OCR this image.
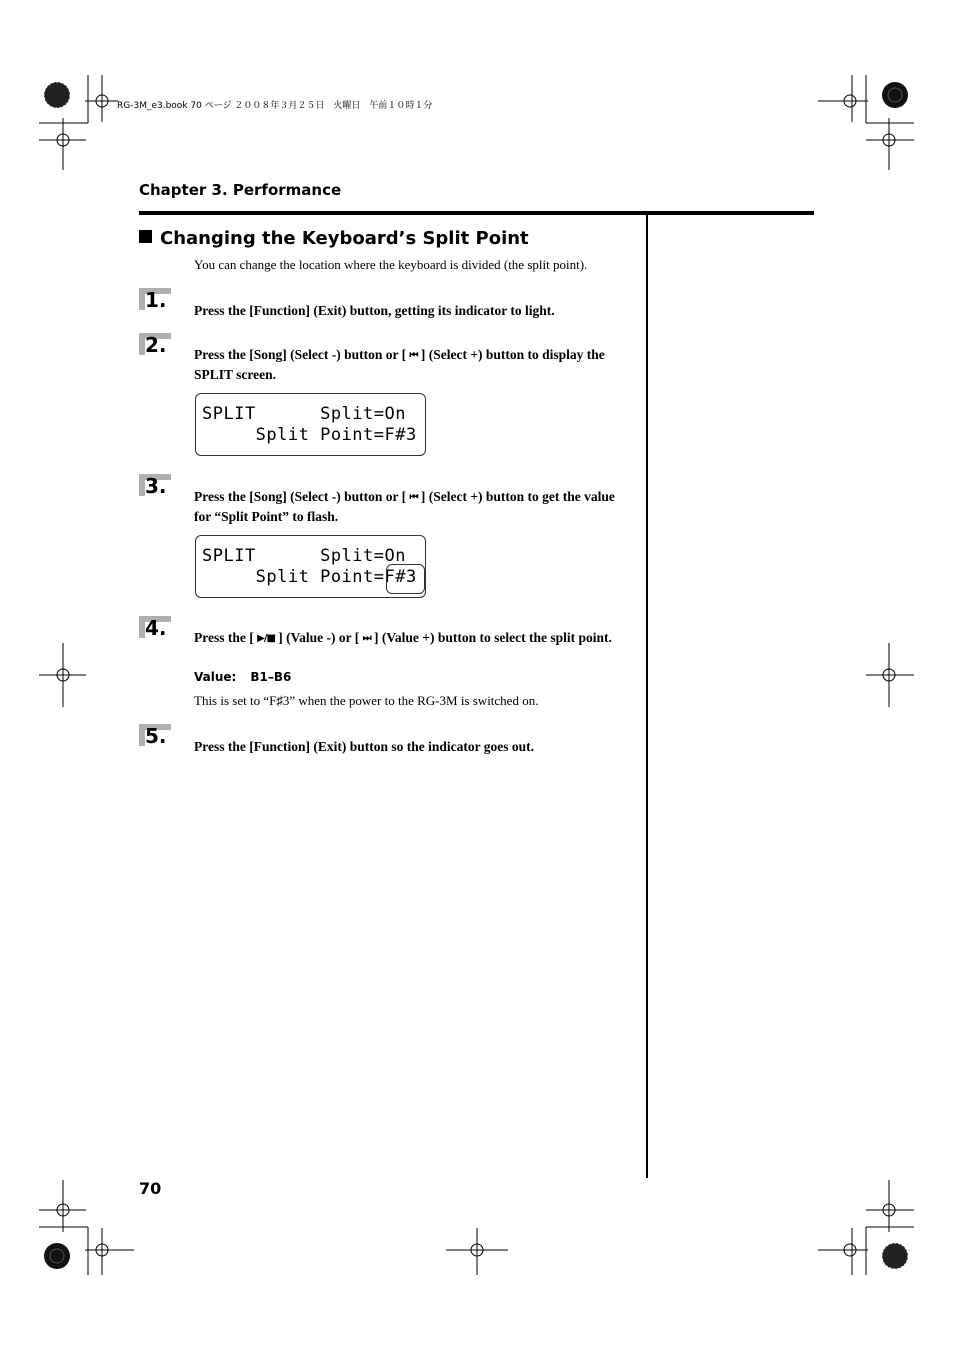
RG-3M_e3.book 70 ページ ２００８年３月２５日　火曜日　午前１０時１分
Chapter 3. Performance
Changing the Keyboard’s Split Point
You can change the location where the keyboard is divided (the split point).
1. Press the [Function] (Exit) button, getting its indicator to light.
2. Press the [Song] (Select -) button or [ ⏮ ] (Select +) button to display the SPLIT screen.
SPLIT      Split=On
Split Point=F#3
3. Press the [Song] (Select -) button or [ ⏮ ] (Select +) button to get the value for “Split Point” to flash.
SPLIT      Split=On
Split Point=F#3
4. Press the [ ▶/■ ] (Value -) or [ ⏭ ] (Value +) button to select the split point.
Value: B1–B6
This is set to “F♯3” when the power to the RG-3M is switched on.
5. Press the [Function] (Exit) button so the indicator goes out.
70
